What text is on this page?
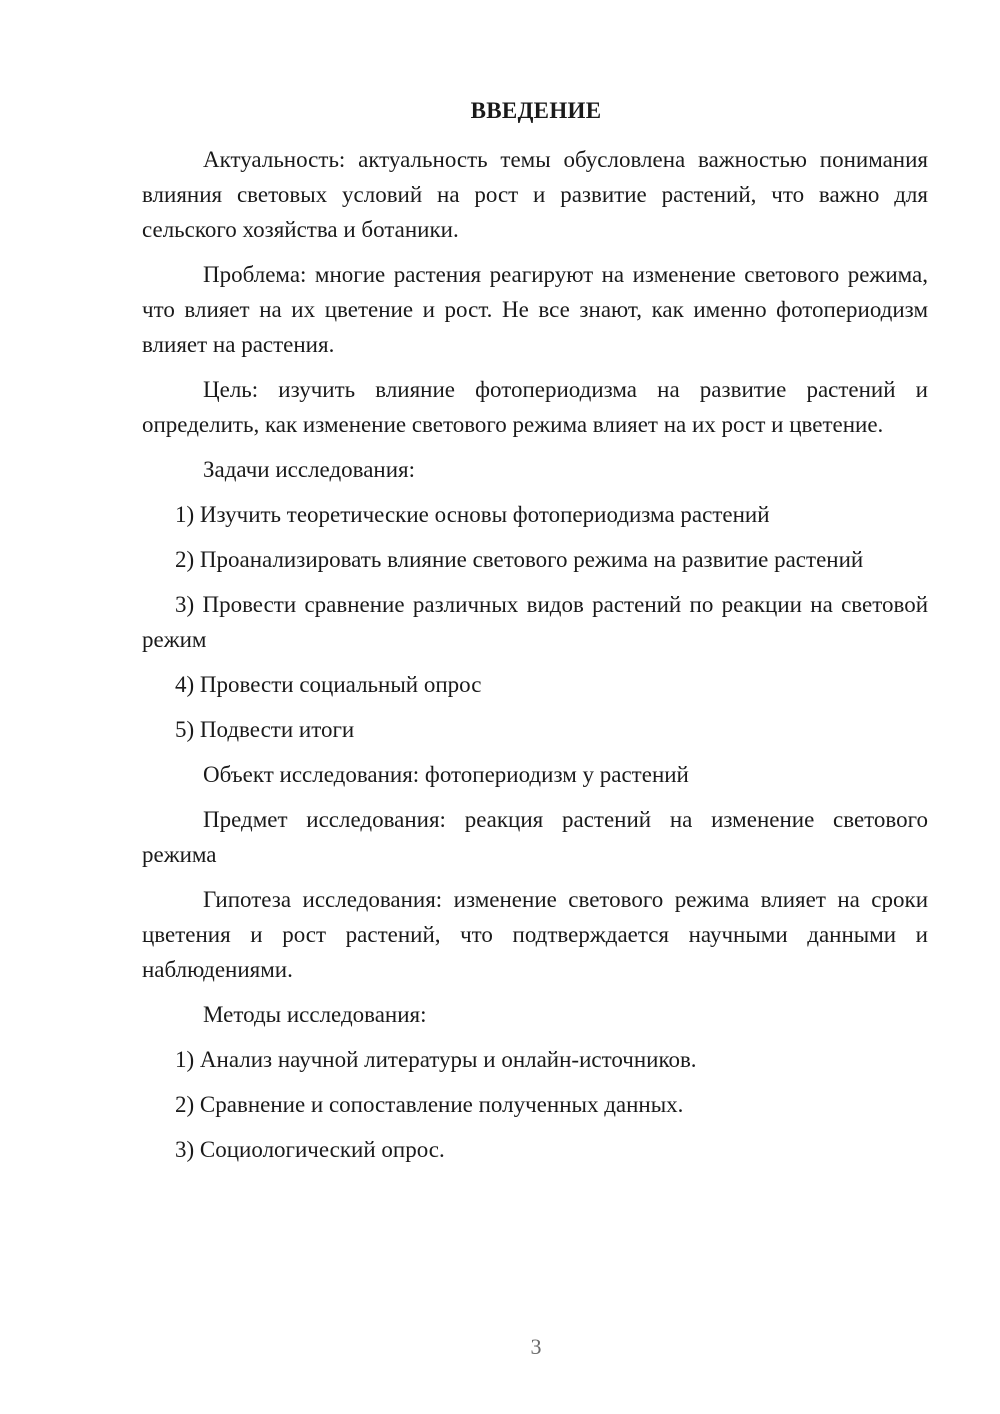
ВВЕДЕНИЕ

Актуальность: актуальность темы обусловлена важностью понимания влияния световых условий на рост и развитие растений, что важно для сельского хозяйства и ботаники.

Проблема: многие растения реагируют на изменение светового режима, что влияет на их цветение и рост. Не все знают, как именно фотопериодизм влияет на растения.

Цель: изучить влияние фотопериодизма на развитие растений и определить, как изменение светового режима влияет на их рост и цветение.

Задачи исследования:

1) Изучить теоретические основы фотопериодизма растений

2) Проанализировать влияние светового режима на развитие растений

3) Провести сравнение различных видов растений по реакции на световой режим

4) Провести социальный опрос

5) Подвести итоги

Объект исследования: фотопериодизм у растений

Предмет исследования: реакция растений на изменение светового режима

Гипотеза исследования: изменение светового режима влияет на сроки цветения и рост растений, что подтверждается научными данными и наблюдениями.

Методы исследования:

1) Анализ научной литературы и онлайн-источников.

2) Сравнение и сопоставление полученных данных.

3) Социологический опрос.

3
